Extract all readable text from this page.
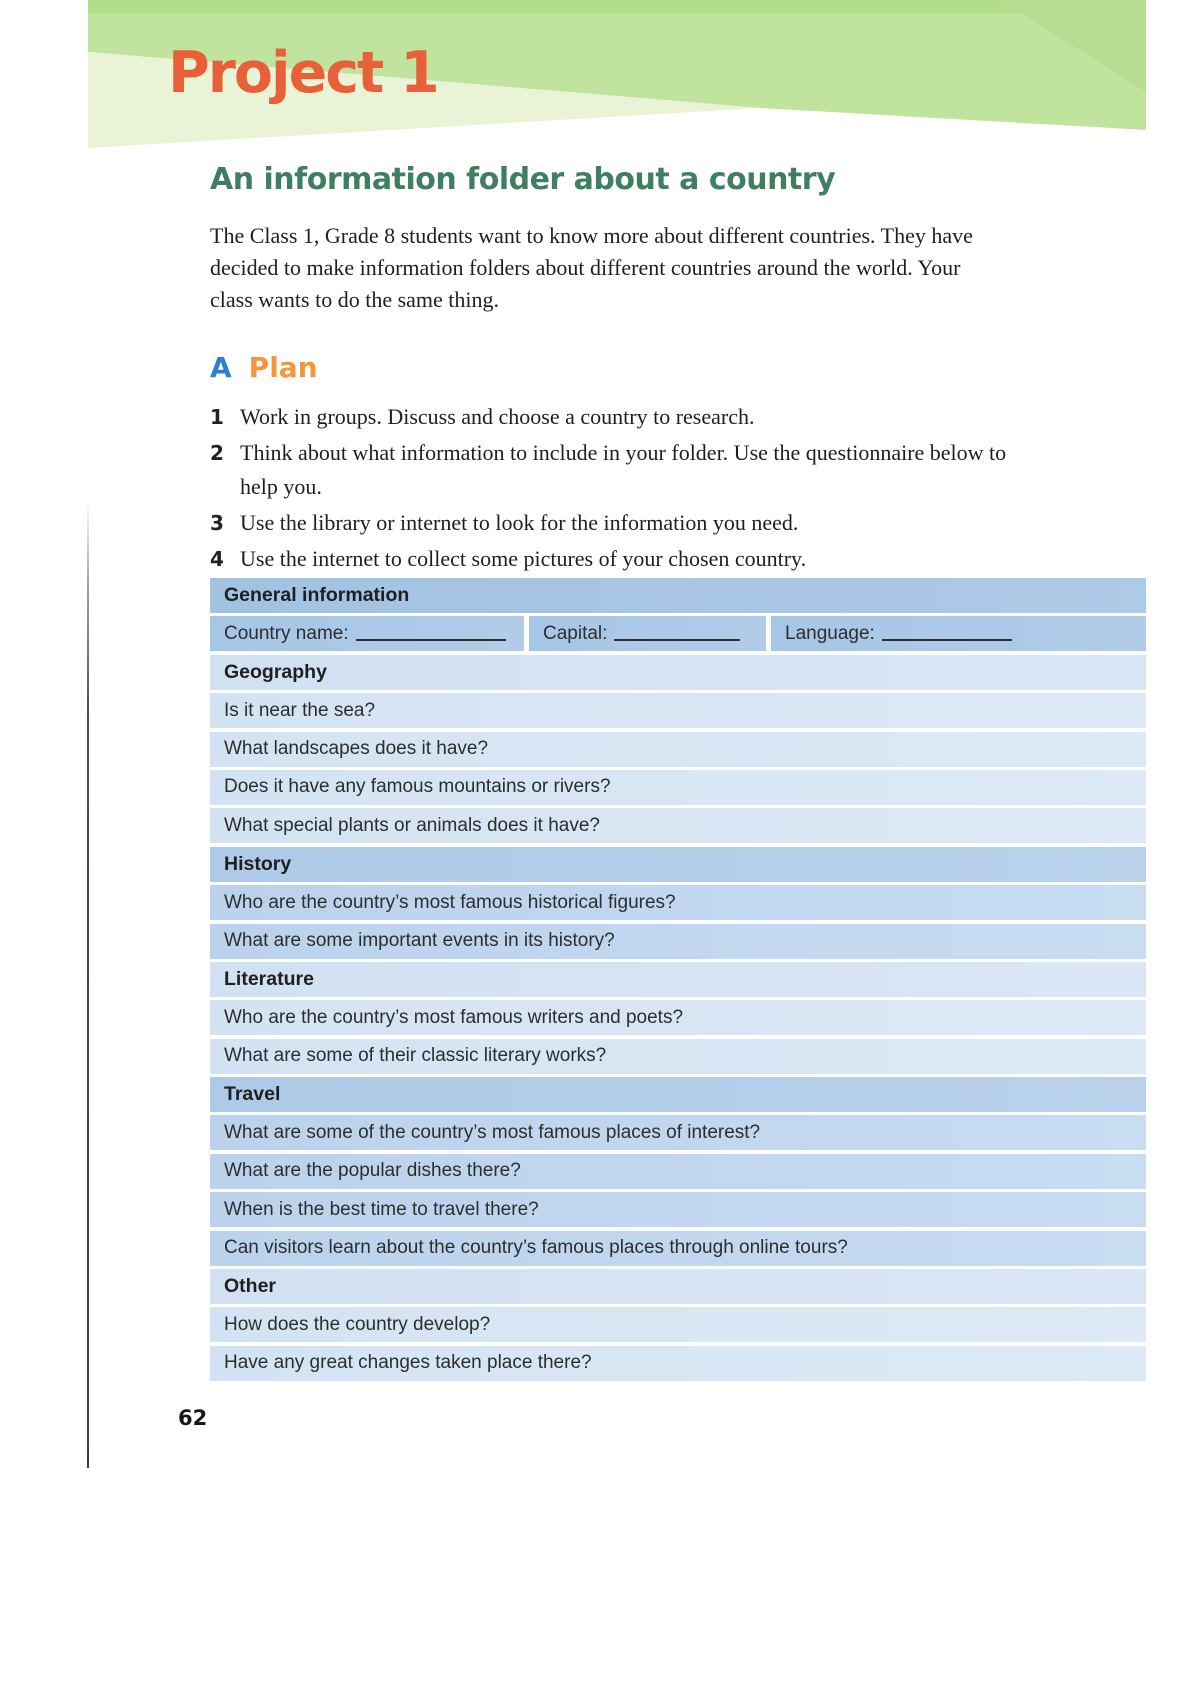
Project 1
An information folder about a country

The Class 1, Grade 8 students want to know more about different countries. They have decided to make information folders about different countries around the world. Your class wants to do the same thing.

A Plan
1 Work in groups. Discuss and choose a country to research.
2 Think about what information to include in your folder. Use the questionnaire below to help you.
3 Use the library or internet to look for the information you need.
4 Use the internet to collect some pictures of your chosen country.
General information
Country name:	Capital:	Language:
Geography
Is it near the sea?
What landscapes does it have?
Does it have any famous mountains or rivers?
What special plants or animals does it have?
History
Who are the country’s most famous historical figures?
What are some important events in its history?
Literature
Who are the country’s most famous writers and poets?
What are some of their classic literary works?
Travel
What are some of the country’s most famous places of interest?
What are the popular dishes there?
When is the best time to travel there?
Can visitors learn about the country’s famous places through online tours?
Other
How does the country develop?
Have any great changes taken place there?
62
